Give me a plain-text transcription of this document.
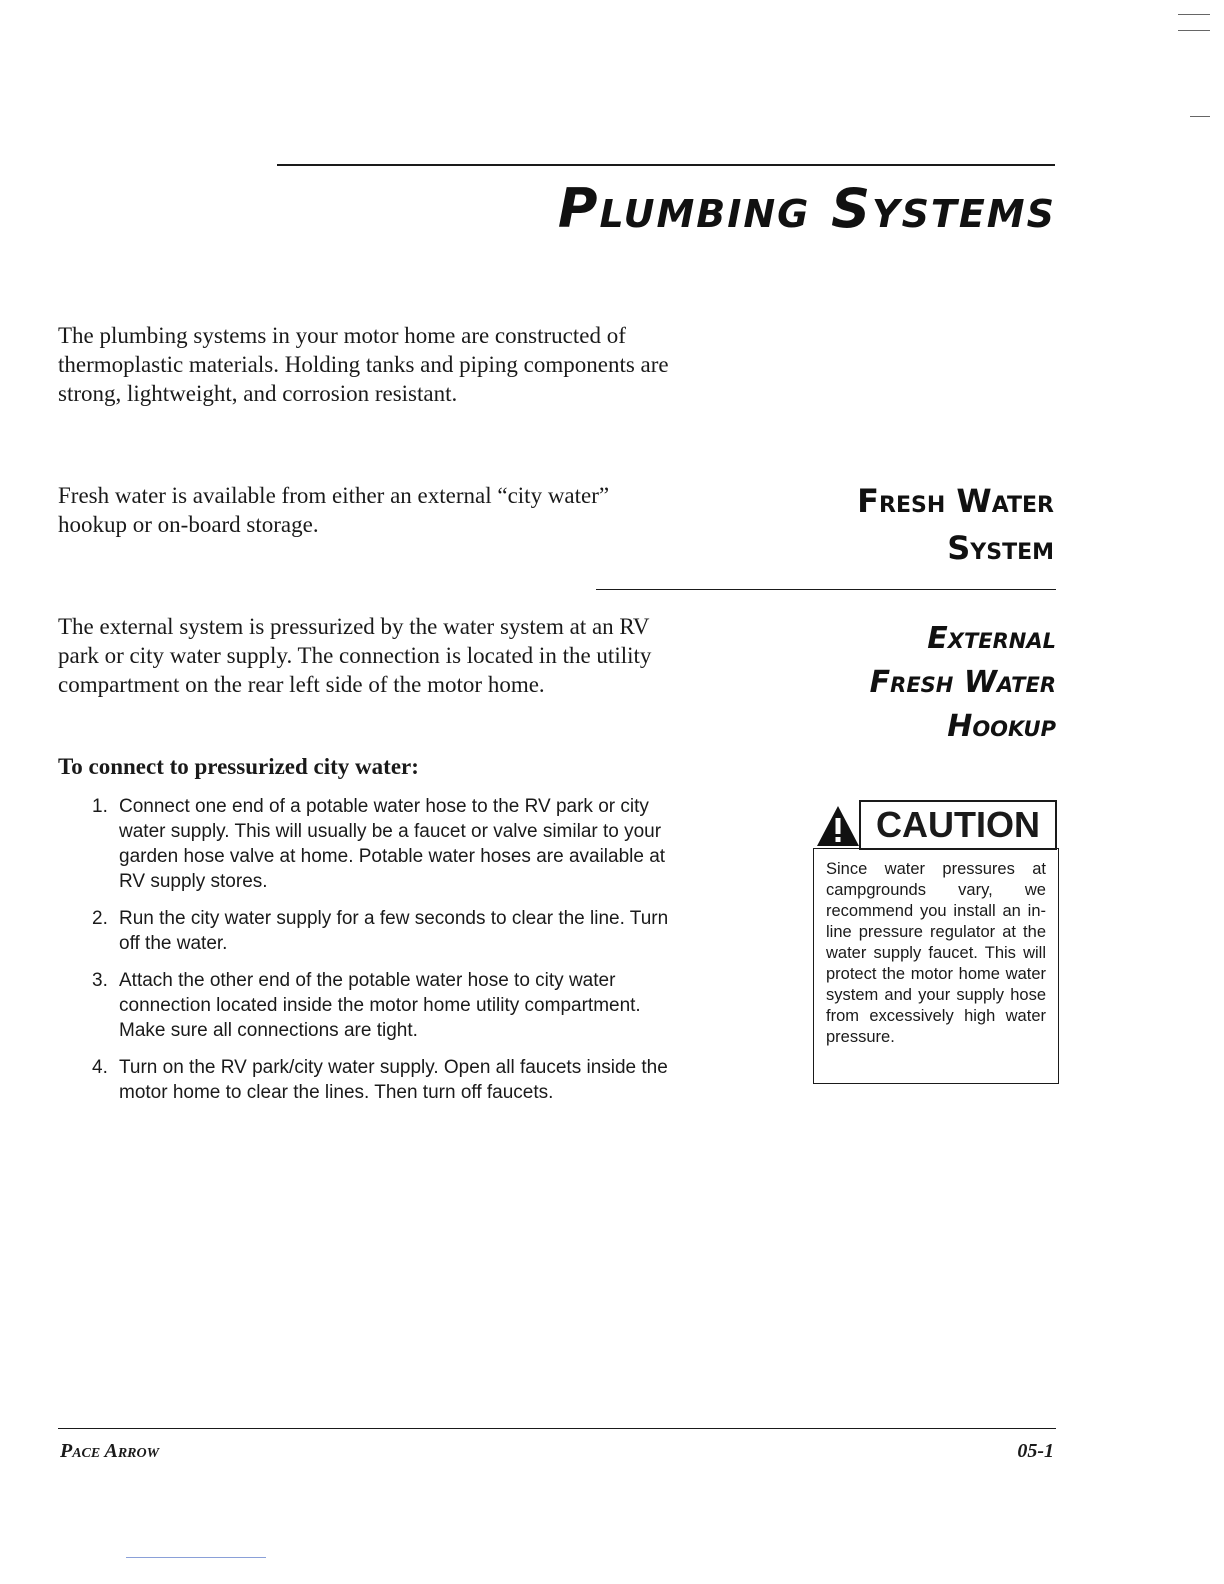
Plumbing Systems

The plumbing systems in your motor home are constructed of thermoplastic materials. Holding tanks and piping components are strong, lightweight, and corrosion resistant.

Fresh Water
System

Fresh water is available from either an external “city water” hookup or on-board storage.

External
Fresh Water
Hookup

The external system is pressurized by the water system at an RV park or city water supply. The connection is located in the utility compartment on the rear left side of the motor home.

To connect to pressurized city water:

1. Connect one end of a potable water hose to the RV park or city water supply. This will usually be a faucet or valve similar to your garden hose valve at home. Potable water hoses are available at RV supply stores.
2. Run the city water supply for a few seconds to clear the line. Turn off the water.
3. Attach the other end of the potable water hose to city water connection located inside the motor home utility compartment. Make sure all connections are tight.
4. Turn on the RV park/city water supply. Open all faucets inside the motor home to clear the lines. Then turn off faucets.
CAUTION
Since water pressures at campgrounds vary, we recommend you install an in-line pressure regulator at the water supply faucet. This will protect the motor home water system and your supply hose from excessively high water pressure.

Pace Arrow	05-1
